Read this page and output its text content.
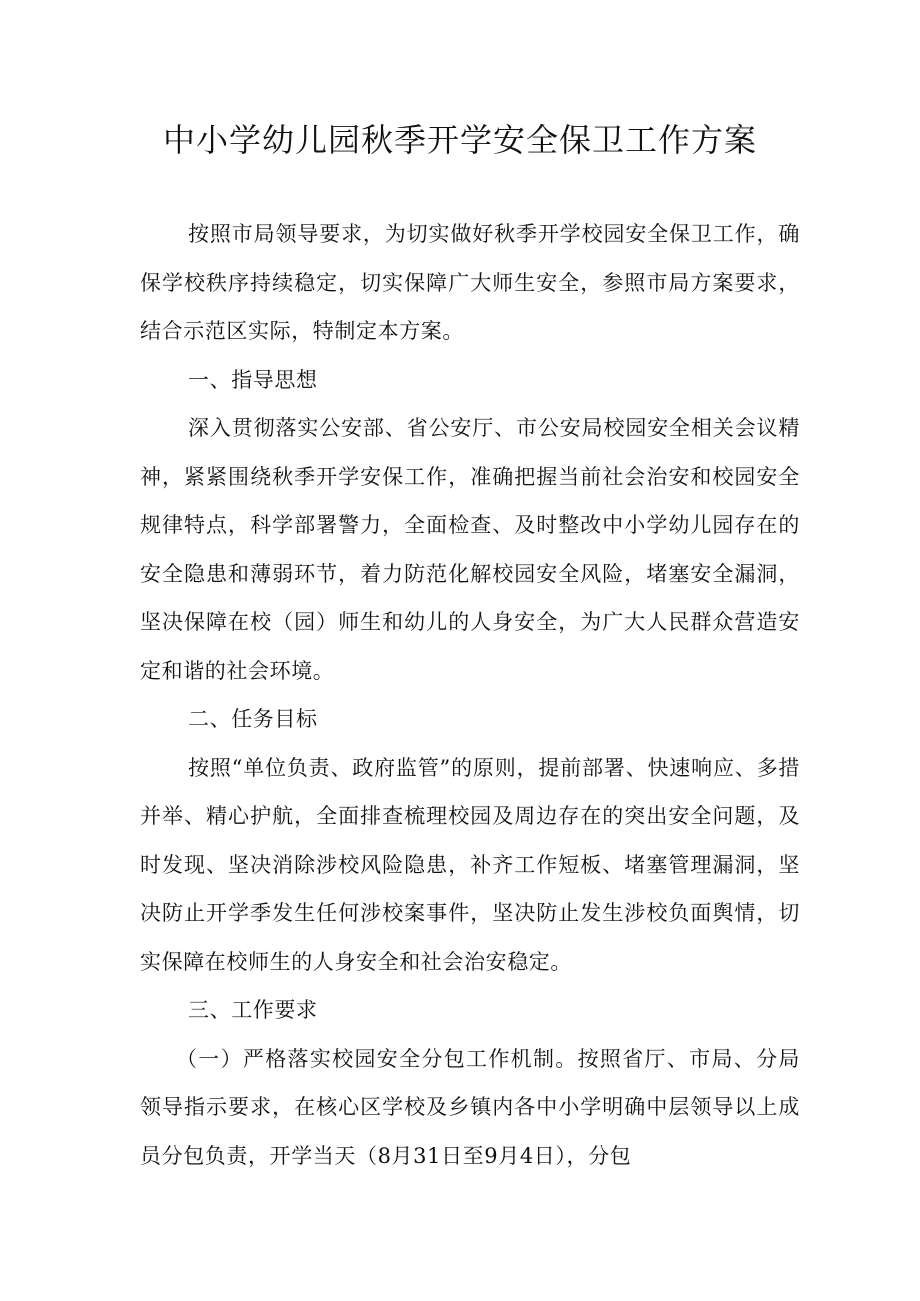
中小学幼儿园秋季开学安全保卫工作方案

按照市局领导要求，为切实做好秋季开学校园安全保卫工作，确保学校秩序持续稳定，切实保障广大师生安全，参照市局方案要求，结合示范区实际，特制定本方案。

一、指导思想

深入贯彻落实公安部、省公安厅、市公安局校园安全相关会议精神，紧紧围绕秋季开学安保工作，准确把握当前社会治安和校园安全规律特点，科学部署警力，全面检查、及时整改中小学幼儿园存在的安全隐患和薄弱环节，着力防范化解校园安全风险，堵塞安全漏洞，坚决保障在校（园）师生和幼儿的人身安全，为广大人民群众营造安定和谐的社会环境。

二、任务目标

按照“单位负责、政府监管”的原则，提前部署、快速响应、多措并举、精心护航，全面排查梳理校园及周边存在的突出安全问题，及时发现、坚决消除涉校风险隐患，补齐工作短板、堵塞管理漏洞，坚决防止开学季发生任何涉校案事件，坚决防止发生涉校负面舆情，切实保障在校师生的人身安全和社会治安稳定。

三、工作要求

（一）严格落实校园安全分包工作机制。按照省厅、市局、分局领导指示要求，在核心区学校及乡镇内各中小学明确中层领导以上成员分包负责，开学当天（8月31日至9月4日），分包
